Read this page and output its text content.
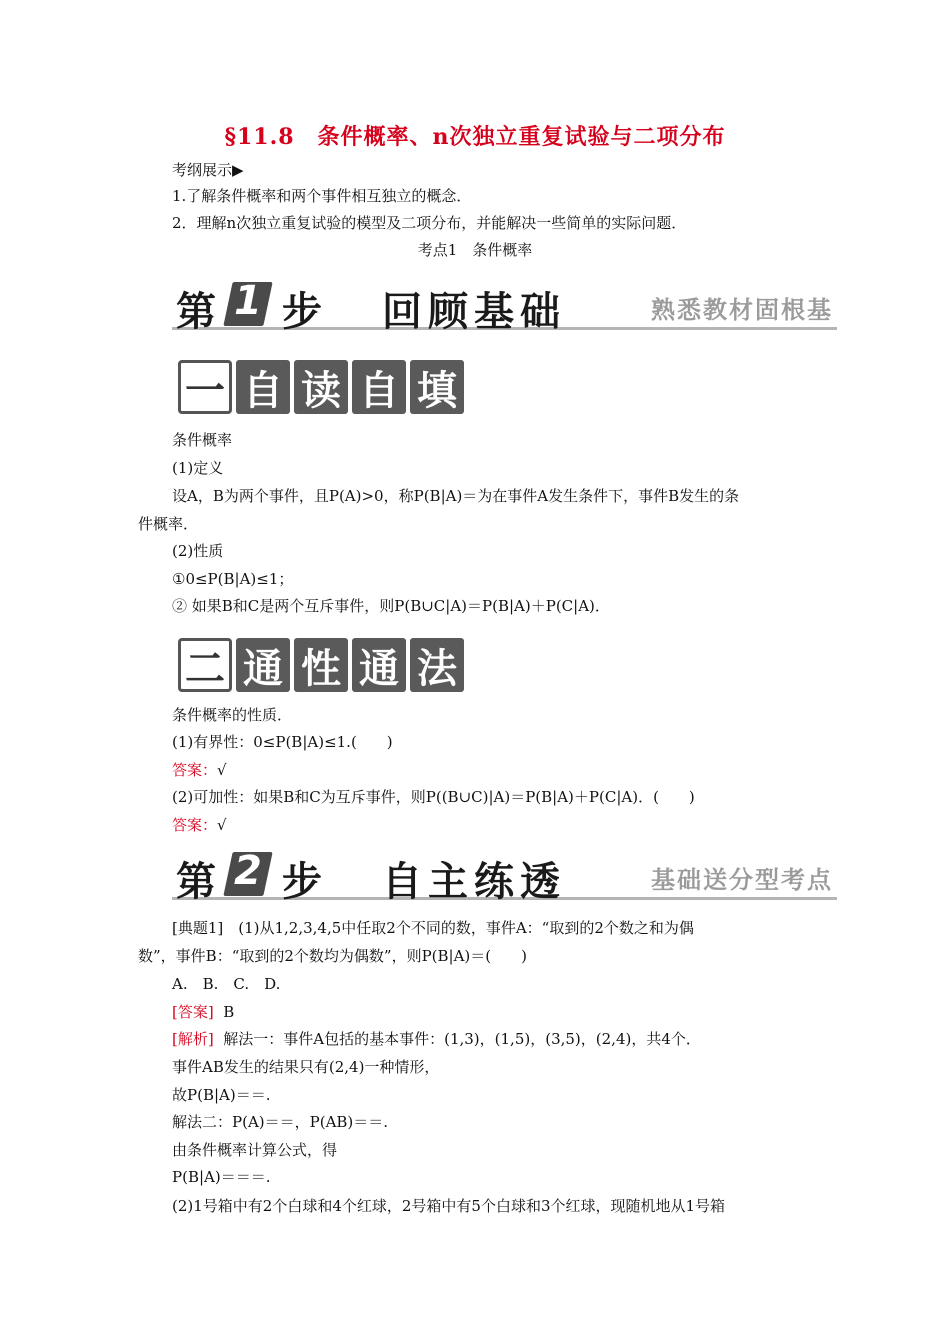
§11.8　条件概率、n次独立重复试验与二项分布
考纲展示▶
1.了解条件概率和两个事件相互独立的概念．
2．理解n次独立重复试验的模型及二项分布，并能解决一些简单的实际问题．
考点1　条件概率
第 1 步 回顾基础	熟悉教材固根基
一 自 读 自 填
条件概率
(1)定义
设A，B为两个事件，且P(A)>0，称P(B|A)＝为在事件A发生条件下，事件B发生的条
件概率．
(2)性质
①0≤P(B|A)≤1；
② 如果B和C是两个互斥事件，则P(B∪C|A)＝P(B|A)＋P(C|A)．
二 通 性 通 法
条件概率的性质．
(1)有界性：0≤P(B|A)≤1.(　　)
答案：√
(2)可加性：如果B和C为互斥事件，则P((B∪C)|A)＝P(B|A)＋P(C|A)．(　　)
答案：√
第 2 步 自主练透	基础送分型考点
[典题1]　(1)从1,2,3,4,5中任取2个不同的数，事件A：“取到的2个数之和为偶
数”，事件B：“取到的2个数均为偶数”，则P(B|A)＝(　　)
A.　B.　C.　D.
[答案] B
[解析] 解法一：事件A包括的基本事件：(1,3)，(1,5)，(3,5)，(2,4)，共4个．
事件AB发生的结果只有(2,4)一种情形，
故P(B|A)＝＝.
解法二：P(A)＝＝，P(AB)＝＝.
由条件概率计算公式，得
P(B|A)＝＝＝.
(2)1号箱中有2个白球和4个红球，2号箱中有5个白球和3个红球，现随机地从1号箱
